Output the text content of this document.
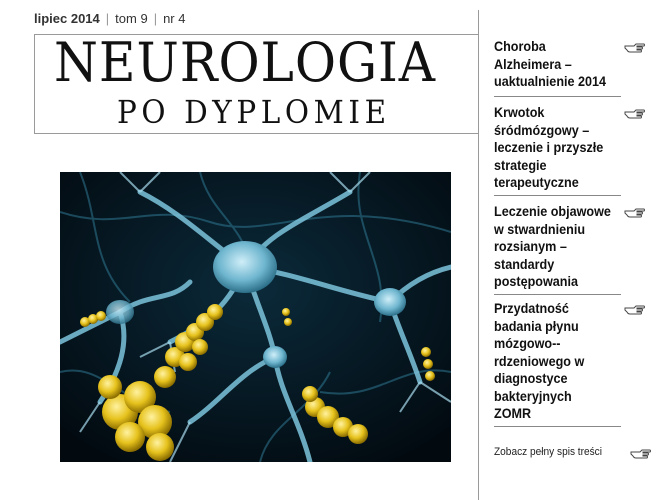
lipiec 2014 | tom 9 | nr 4
NEUROLOGIA
PO DYPLOMIE
Choroba Alzheimera – uaktualnienie 2014
Krwotok śródmózgowy – leczenie i przyszłe strategie terapeutyczne
Leczenie objawowe w stwardnieniu rozsianym – standardy postępowania
Przydatność badania płynu mózgowo--rdzeniowego w diagnostyce bakteryjnych ZOMR
Zobacz pełny spis treści
